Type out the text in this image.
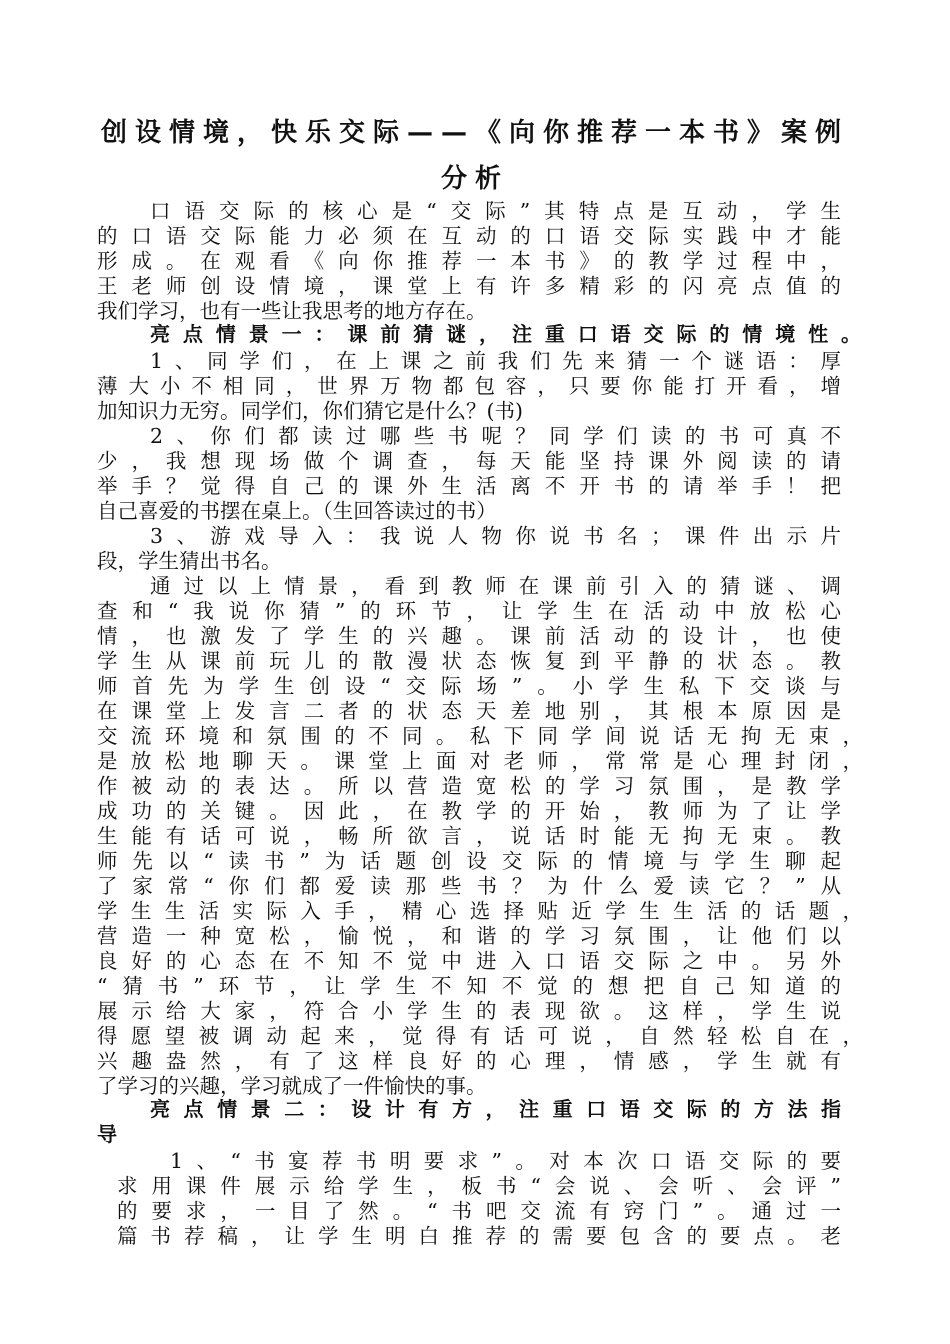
创设情境，快乐交际——《向你推荐一本书》案例
分析
口语交际的核心是“交际”其特点是互动，学生
的口语交际能力必须在互动的口语交际实践中才能
形成。在观看《向你推荐一本书》的教学过程中，
王老师创设情境，课堂上有许多精彩的闪亮点值的
我们学习，也有一些让我思考的地方存在。
亮点情景一：课前猜谜，注重口语交际的情境性。
1、同学们，在上课之前我们先来猜一个谜语：厚
薄大小不相同，世界万物都包容，只要你能打开看，增
加知识力无穷。同学们，你们猜它是什么？(书)
2、你们都读过哪些书呢？同学们读的书可真不
少，我想现场做个调查，每天能坚持课外阅读的请
举手？觉得自己的课外生活离不开书的请举手！把
自己喜爱的书摆在桌上。（生回答读过的书）
3、游戏导入：我说人物你说书名；课件出示片
段，学生猜出书名。
通过以上情景，看到教师在课前引入的猜谜、调
查和“我说你猜”的环节，让学生在活动中放松心
情，也激发了学生的兴趣。课前活动的设计，也使
学生从课前玩儿的散漫状态恢复到平静的状态。教
师首先为学生创设“交际场”。小学生私下交谈与
在课堂上发言二者的状态天差地别，其根本原因是
交流环境和氛围的不同。私下同学间说话无拘无束，
是放松地聊天。课堂上面对老师，常常是心理封闭，
作被动的表达。所以营造宽松的学习氛围，是教学
成功的关键。因此，在教学的开始，教师为了让学
生能有话可说，畅所欲言，说话时能无拘无束。教
师先以“读书”为话题创设交际的情境与学生聊起
了家常“你们都爱读那些书？为什么爱读它？”从
学生生活实际入手，精心选择贴近学生生活的话题，
营造一种宽松，愉悦，和谐的学习氛围，让他们以
良好的心态在不知不觉中进入口语交际之中。另外
“猜书”环节，让学生不知不觉的想把自己知道的
展示给大家，符合小学生的表现欲。这样，学生说
得愿望被调动起来，觉得有话可说，自然轻松自在，
兴趣盎然，有了这样良好的心理，情感，学生就有
了学习的兴趣，学习就成了一件愉快的事。
亮点情景二：设计有方，注重口语交际的方法指
导
1、“书宴荐书明要求”。对本次口语交际的要
求用课件展示给学生，板书“会说、会听、会评”
的要求，一目了然。“书吧交流有窍门”。通过一
篇书荐稿，让学生明白推荐的需要包含的要点。老
